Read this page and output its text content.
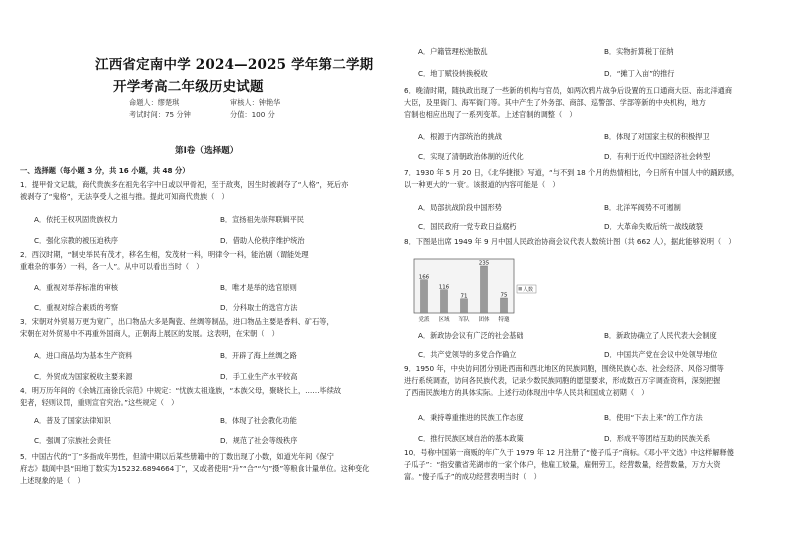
江西省定南中学 2024—2025 学年第二学期
开学考高二年级历史试题
命题人：缪楚琪	审核人：钟艳华
考试时间：75 分钟	分值：100 分
第Ⅰ卷（选择题）
一、选择题（每小题 3 分，共 16 小题，共 48 分）
1．提甲骨文记载，商代贵族多在祖先名字中日或以甲骨祀，至于敌夷，因生时被剥夺了“人格”，死后亦
被剥夺了“鬼格”，无法享受人之祖与推。提此可知商代贵族（　）
A．依托王权巩固贵族权力	B．宣扬祖先崇拜联辑平民
C．强化宗教的被压迫秩序	D．借助人伦秩序维护统治
2．西汉时期，“制史举民有茂才，移名生相，发茂材一科，明律令一科，能治剧（谓能处理
重难杂的事务）一科，各一人”。从中可以看出当时（　）
A．重视对举荐标准的审核	B．唯才是举的选官原则
C．重视对综合素质的考察	D．分科取士的选官方法
3．宋朝对外贸易万更为宽广，出口物品大多是陶瓷、丝绸等制品，进口物品主要是香料、矿石等，
宋朝在对外贸易中不再重外国商人，正朝海上展区的发展。这表明，在宋朝（　）
A．进口商品均为基本生产资料	B．开辟了海上丝绸之路
C．外贸成为国家税收主要来源	D．手工业生产水平较高
4．明万历年间的《余姚江南徐氏宗范》中规定：“忧族太祖逢族，“本族父母，聚晓长上，……毕续故
犯者，轻则议罚，重则宣官究治。”这些规定（　）
A．普及了国家法律知识	B．体现了社会教化功能
C．强调了宗族社会责任	D．规范了社会等级秩序
5．中国古代的“丁”多指成年男性，但清中期以后某些册籍中的丁数出现了小数，如道光年间《保宁
府志》载阆中县“田地丁数实为15232.6894664丁”，又或者使用“升”“合”“勺”摄”等粮食计量单位。这种变化
上述现象的是（　）
A．户籍管理松弛散乱	B．实物折算税丁征纳
C．地丁赋役转换税收	D．“摊丁入亩”的推行
6．晚清时期，随执政出现了一些新的机构与官员，如两次鸦片战争后设置的五口通商大臣、南北洋通商
大臣，及里衙门、海军衙门等。其中产生了外务部、商部、巡警部、学部等新的中央机构，地方
官制也相应出现了一系列变革。上述官制的调整（　）
A．根源于内部统治的挑战	B．体现了对国家主权的积极捍卫
C．实现了清朝政治体制的近代化	D．有利于近代中国经济社会转型
7．1930 年 5 月 20 日，《北华捷报》写道，“与不到 18 个月的热情相比，今日所有中国人中的踊跃感，
以一种更大的‘一衰’。该报道的内容可能是（　）
A．局部抗战阶段中国形势	B．北洋军阀势不可遏制
C．国民政府一党专政日益腐朽	D．大革命失败后统一战线破裂
8．下图是出席 1949 年 9 月中国人民政治协商会议代表人数统计图（共 662 人），据此能够说明（　）
166
党派
116
区域
71
军队
235
团体
75
特邀
人数
A．新政协会议有广泛的社会基础	B．新政协确立了人民代表大会制度
C．共产党领导的多党合作确立	D．中国共产党在会议中处领导地位
9．1950 年，中央访问团分别赴西南和西北地区的民族同胞，围绕民族心态、社会经济、风俗习惯等
进行系统调查，访问各民族代表，记录少数民族同胞的愿望要求，形成数百万字调查资料，深刻把握
了西南民族地方的具体实际。上述行动体现出中华人民共和国成立初期（　）
A．秉持尊重推进的民族工作态度	B．使用“下去上来”的工作方法
C．推行民族区域自治的基本政策	D．形成平等团结互助的民族关系
10．号称中国第一商贩的年广久于 1979 年 12 月注册了“傻子瓜子”商标。《邓小平文选》中这样解释傻
子瓜子”：“指安徽省芜湖市的一家个体户，他雇工较量，雇佣劳工，经营数量，经营数量，万方大资
富。“傻子瓜子”的成功经营表明当时（　）
